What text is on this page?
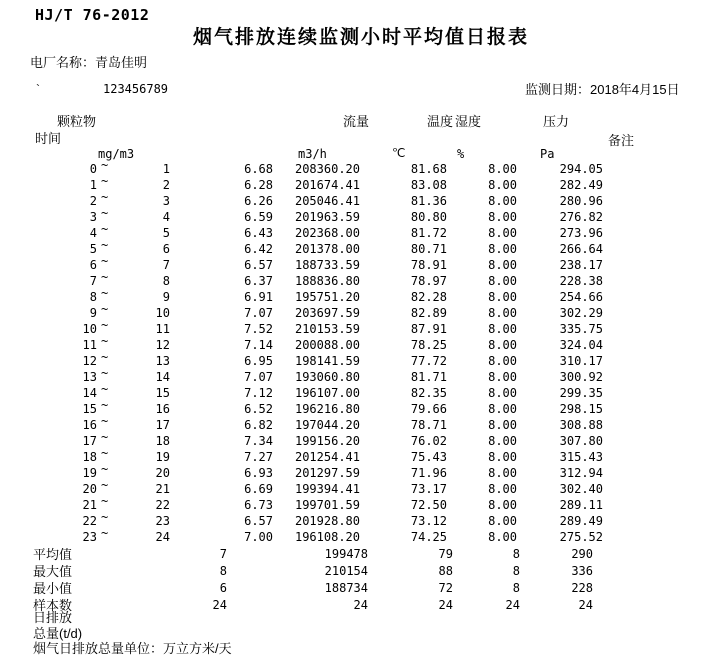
HJ/T 76-2012
烟气排放连续监测小时平均值日报表
电厂名称：青岛佳明
`	123456789	监测日期：2018年4月15日
颗粒物
时间
流量	温度 湿度	压力
备注
mg/m3	m3/h	℃	%	Pa
0 ~	1	6.68	208360.20	81.68	8.00	294.05
1 ~	2	6.28	201674.41	83.08	8.00	282.49
2 ~	3	6.26	205046.41	81.36	8.00	280.96
3 ~	4	6.59	201963.59	80.80	8.00	276.82
4 ~	5	6.43	202368.00	81.72	8.00	273.96
5 ~	6	6.42	201378.00	80.71	8.00	266.64
6 ~	7	6.57	188733.59	78.91	8.00	238.17
7 ~	8	6.37	188836.80	78.97	8.00	228.38
8 ~	9	6.91	195751.20	82.28	8.00	254.66
9 ~	10	7.07	203697.59	82.89	8.00	302.29
10 ~	11	7.52	210153.59	87.91	8.00	335.75
11 ~	12	7.14	200088.00	78.25	8.00	324.04
12 ~	13	6.95	198141.59	77.72	8.00	310.17
13 ~	14	7.07	193060.80	81.71	8.00	300.92
14 ~	15	7.12	196107.00	82.35	8.00	299.35
15 ~	16	6.52	196216.80	79.66	8.00	298.15
16 ~	17	6.82	197044.20	78.71	8.00	308.88
17 ~	18	7.34	199156.20	76.02	8.00	307.80
18 ~	19	7.27	201254.41	75.43	8.00	315.43
19 ~	20	6.93	201297.59	71.96	8.00	312.94
20 ~	21	6.69	199394.41	73.17	8.00	302.40
21 ~	22	6.73	199701.59	72.50	8.00	289.11
22 ~	23	6.57	201928.80	73.12	8.00	289.49
23 ~	24	7.00	196108.20	74.25	8.00	275.52
平均值	7	199478	79	8	290
最大值	8	210154	88	8	336
最小值	6	188734	72	8	228
样本数	24	24	24	24	24
日排放
总量(t/d)
烟气日排放总量单位：万立方米/天
